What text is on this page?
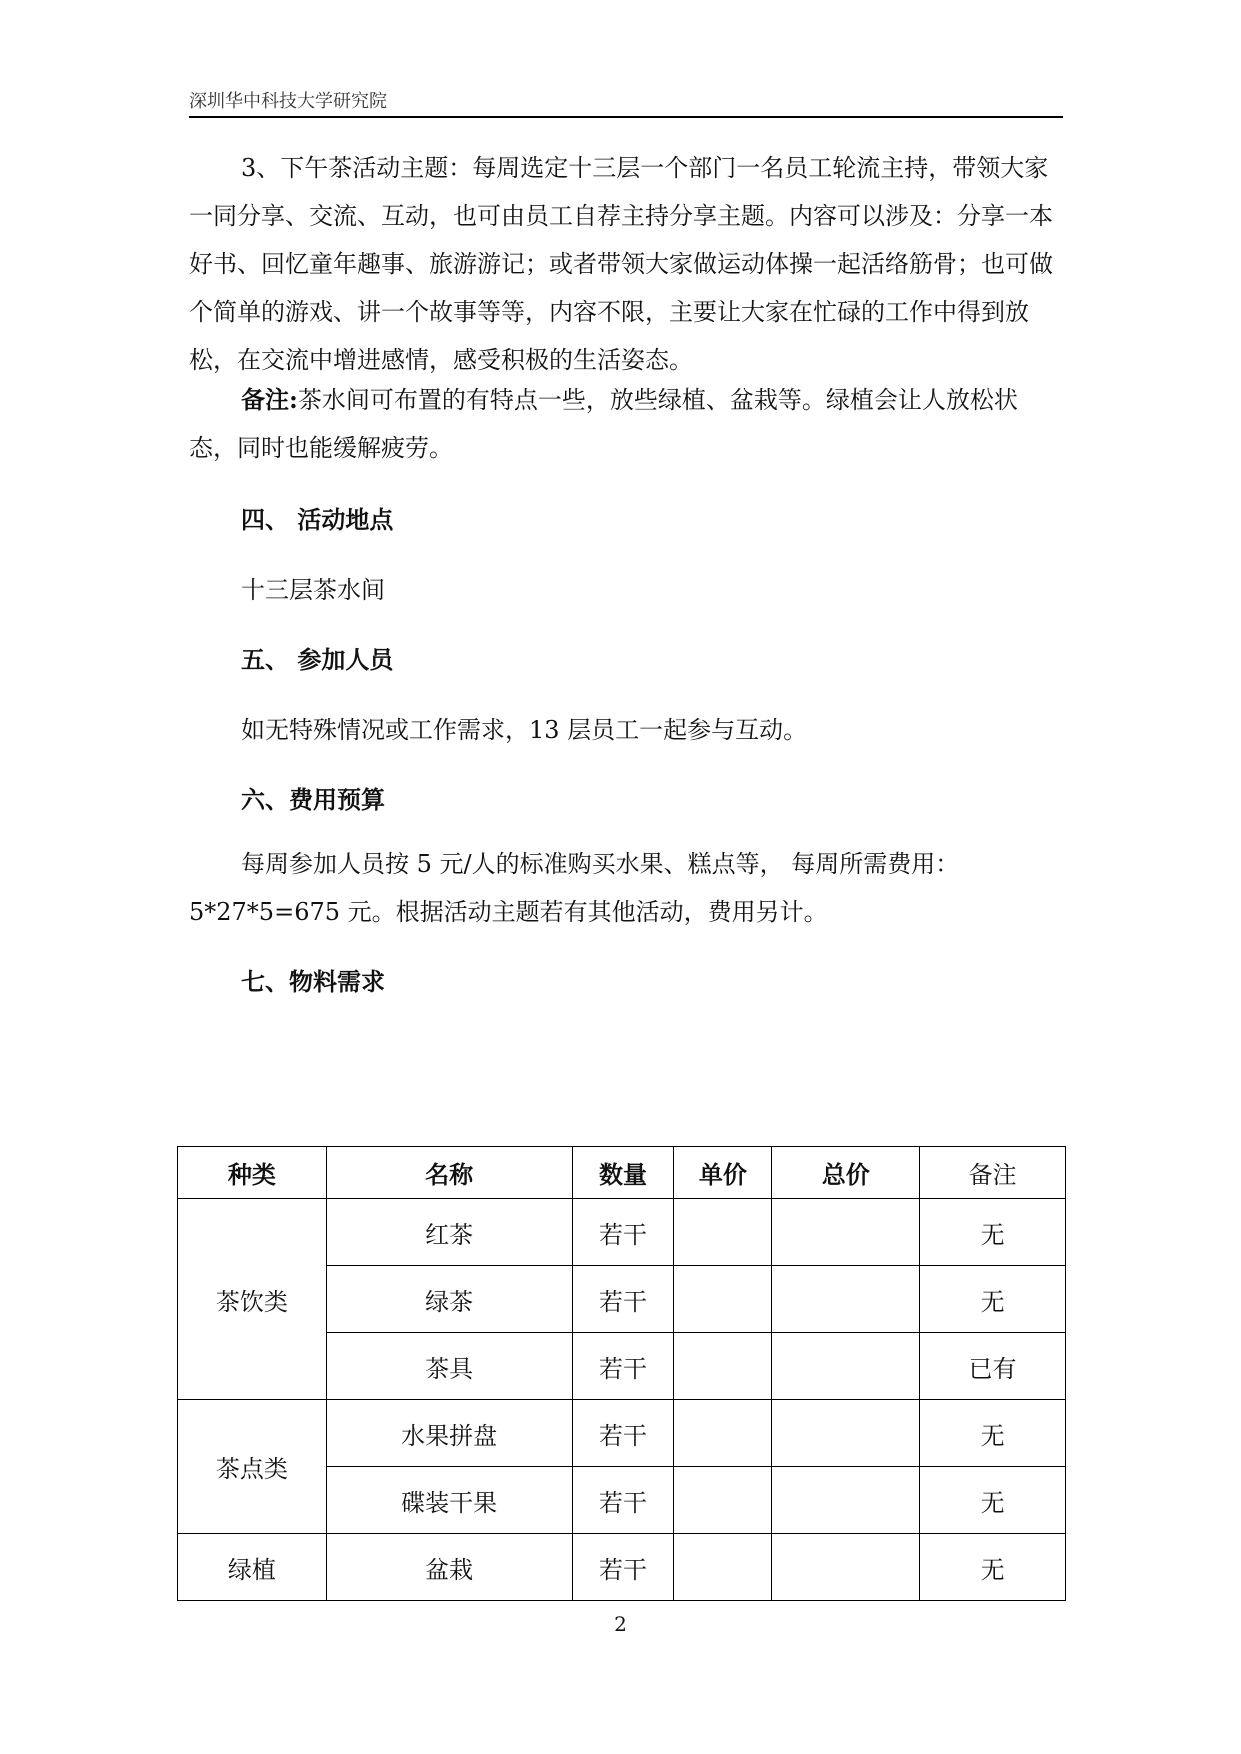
深圳华中科技大学研究院
3、下午茶活动主题：每周选定十三层一个部门一名员工轮流主持，带领大家一同分享、交流、互动，也可由员工自荐主持分享主题。内容可以涉及：分享一本好书、回忆童年趣事、旅游游记；或者带领大家做运动体操一起活络筋骨；也可做个简单的游戏、讲一个故事等等，内容不限，主要让大家在忙碌的工作中得到放松，在交流中增进感情，感受积极的生活姿态。
备注:茶水间可布置的有特点一些，放些绿植、盆栽等。绿植会让人放松状态，同时也能缓解疲劳。
四、 活动地点
十三层茶水间
五、 参加人员
如无特殊情况或工作需求，13 层员工一起参与互动。
六、费用预算
每周参加人员按 5 元/人的标准购买水果、糕点等， 每周所需费用：5*27*5=675 元。根据活动主题若有其他活动，费用另计。
七、物料需求
种类	名称	数量	单价	总价	备注
茶饮类	红茶	若干			无
	绿茶	若干			无
	茶具	若干			已有
茶点类	水果拼盘	若干			无
	碟装干果	若干			无
绿植	盆栽	若干			无
2
